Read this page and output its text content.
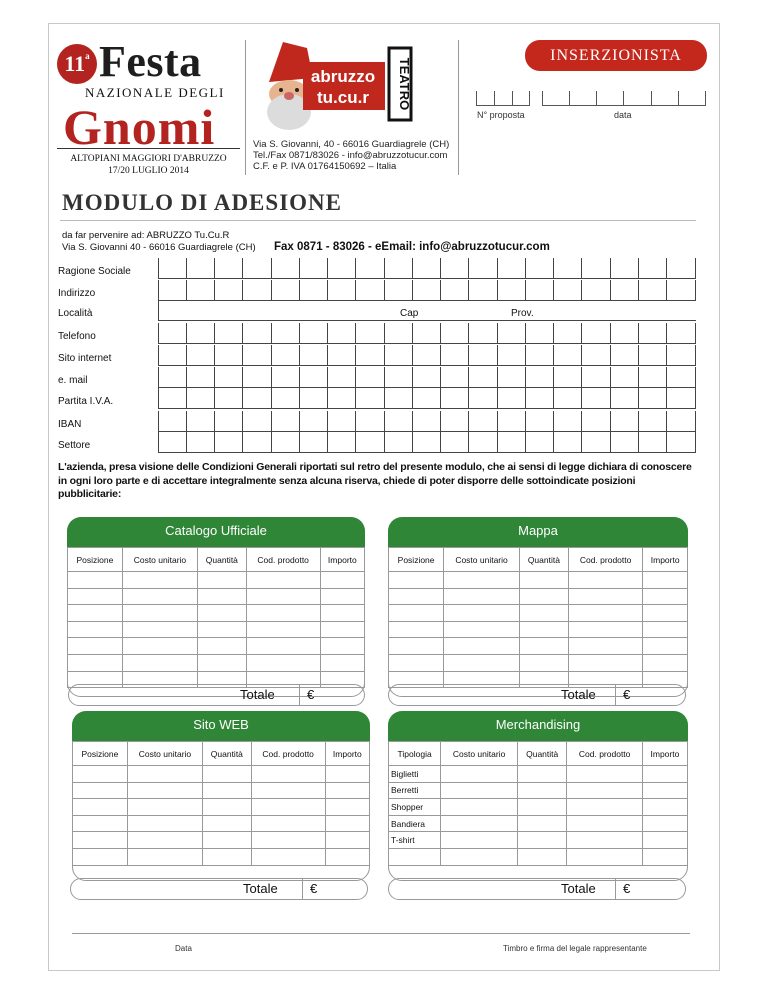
11$^a$ Festa
NAZIONALE DEGLI
Gnomi
ALTOPIANI MAGGIORI D'ABRUZZO
17/20 LUGLIO 2014
abruzzo
tu.cu.r TEATRO
Via S. Giovanni, 40 - 66016 Guardiagrele (CH)
Tel./Fax 0871/83026 - info@abruzzotucur.com
C.F. e P. IVA 01764150692 – Italia
INSERZIONISTA
N° proposta	data
MODULO DI ADESIONE
da far pervenire ad: ABRUZZO Tu.Cu.R
Via S. Giovanni 40 - 66016 Guardiagrele (CH) Fax 0871 - 83026 - eEmail: info@abruzzotucur.com
Ragione Sociale
Indirizzo
Località	Cap	Prov.
Telefono
Sito internet
e. mail
Partita I.V.A.
IBAN
Settore
L'azienda, presa visione delle Condizioni Generali riportati sul retro del presente modulo, che ai sensi di legge dichiara di conoscere in ogni loro parte e di accettare integralmente senza alcuna riserva, chiede di poter disporre delle sottoindicate posizioni pubblicitarie:
Catalogo Ufficiale
Posizione	Costo unitario	Quantità	Cod. prodotto	Importo

Totale €
Mappa
Posizione	Costo unitario	Quantità	Cod. prodotto	Importo

Totale €
Sito WEB
Posizione	Costo unitario	Quantità	Cod. prodotto	Importo

Totale €
Merchandising
Tipologia	Costo unitario	Quantità	Cod. prodotto	Importo
Biglietti				
Berretti				
Shopper				
Bandiera				
T-shirt				

Totale €
Data	Timbro e firma del legale rappresentante
